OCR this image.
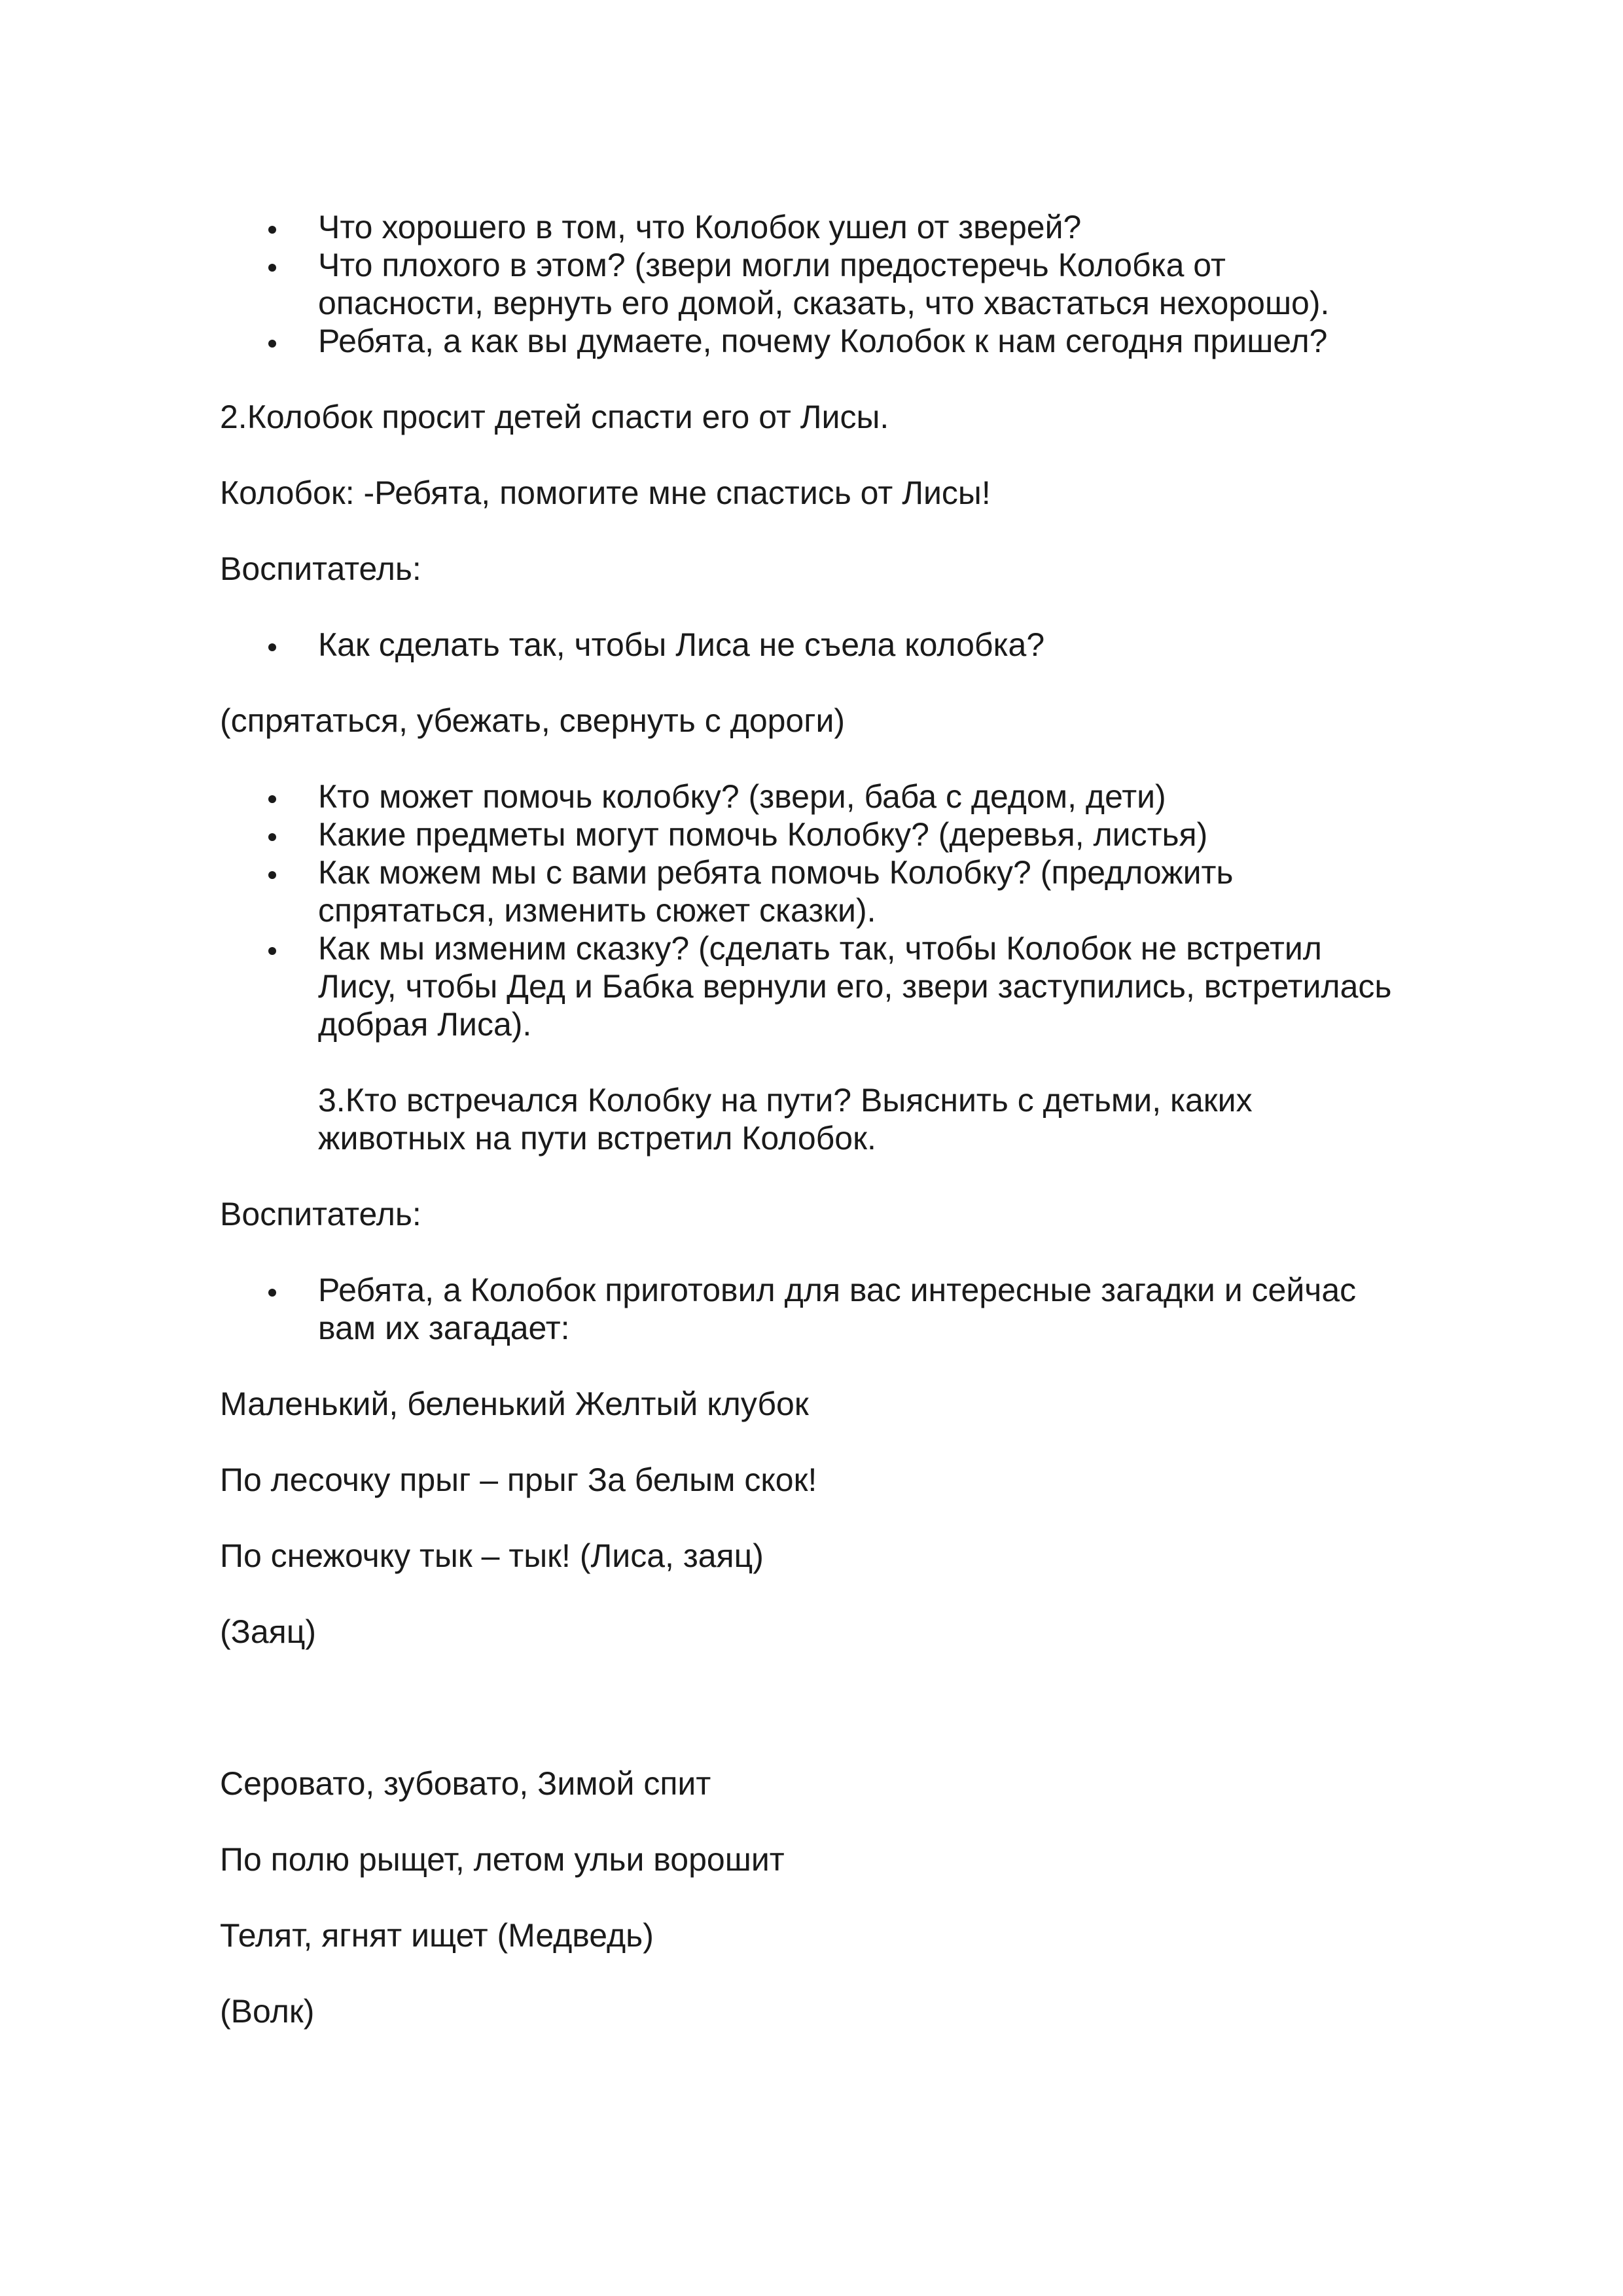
Что хорошего в том, что Колобок ушел от зверей?
Что плохого в этом? (звери могли предостеречь Колобка от
опасности, вернуть его домой, сказать, что хвастаться нехорошо).
Ребята, а как вы думаете, почему Колобок к нам сегодня пришел?
2.Колобок просит детей спасти его от Лисы.
Колобок: -Ребята, помогите мне спастись от Лисы!
Воспитатель:
Как сделать так, чтобы Лиса не съела колобка?
(спрятаться, убежать, свернуть с дороги)
Кто может помочь колобку? (звери, баба с дедом, дети)
Какие предметы могут помочь Колобку? (деревья, листья)
Как можем мы с вами ребята помочь Колобку? (предложить
спрятаться, изменить сюжет сказки).
Как мы изменим сказку? (сделать так, чтобы Колобок не встретил
Лису, чтобы Дед и Бабка вернули его, звери заступились, встретилась
добрая Лиса).
3.Кто встречался Колобку на пути? Выяснить с детьми, каких
животных на пути встретил Колобок.
Воспитатель:
Ребята, а Колобок приготовил для вас интересные загадки и сейчас
вам их загадает:
Маленький, беленький Желтый клубок
По лесочку прыг – прыг За белым скок!
По снежочку тык – тык! (Лиса, заяц)
(Заяц)
Серовато, зубовато, Зимой спит
По полю рыщет, летом ульи ворошит
Телят, ягнят ищет (Медведь)
(Волк)
